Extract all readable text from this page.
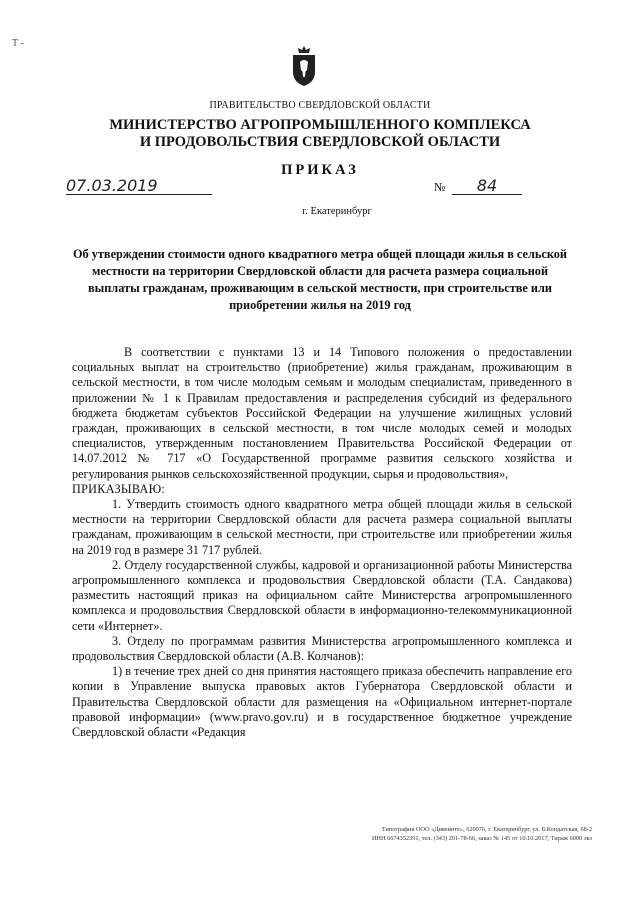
T ‐
ПРАВИТЕЛЬСТВО СВЕРДЛОВСКОЙ ОБЛАСТИ
МИНИСТЕРСТВО АГРОПРОМЫШЛЕННОГО КОМПЛЕКСА
И ПРОДОВОЛЬСТВИЯ СВЕРДЛОВСКОЙ ОБЛАСТИ
ПРИКАЗ
07.03.2019	№	84
г. Екатеринбург
Об утверждении стоимости одного квадратного метра общей площади жилья в сельской местности на территории Свердловской области для расчета размера социальной выплаты гражданам, проживающим в сельской местности, при строительстве или приобретении жилья на 2019 год

В соответствии с пунктами 13 и 14 Типового положения о предоставлении социальных выплат на строительство (приобретение) жилья гражданам, проживающим в сельской местности, в том числе молодым семьям и молодым специалистам, приведенного в приложении № 1 к Правилам предоставления и распределения субсидий из федерального бюджета бюджетам субъектов Российской Федерации на улучшение жилищных условий граждан, проживающих в сельской местности, в том числе молодых семей и молодых специалистов, утвержденным постановлением Правительства Российской Федерации от 14.07.2012 № 717 «О Государственной программе развития сельского хозяйства и регулирования рынков сельскохозяйственной продукции, сырья и продовольствия»,

ПРИКАЗЫВАЮ:

1. Утвердить стоимость одного квадратного метра общей площади жилья в сельской местности на территории Свердловской области для расчета размера социальной выплаты гражданам, проживающим в сельской местности, при строительстве или приобретении жилья на 2019 год в размере 31 717 рублей.

2. Отделу государственной службы, кадровой и организационной работы Министерства агропромышленного комплекса и продовольствия Свердловской области (Т.А. Сандакова) разместить настоящий приказ на официальном сайте Министерства агропромышленного комплекса и продовольствия Свердловской области в информационно-телекоммуникационной сети «Интернет».

3. Отделу по программам развития Министерства агропромышленного комплекса и продовольствия Свердловской области (А.В. Колчанов):

1) в течение трех дней со дня принятия настоящего приказа обеспечить направление его копии в Управление выпуска правовых актов Губернатора Свердловской области и Правительства Свердловской области для размещения на «Официальном интернет-портале правовой информации» (www.pravo.gov.ru) и в государственное бюджетное учреждение Свердловской области «Редакция

Типография ООО «Дивеинте», 620076, г. Екатеринбург, ул. Б.Кондатская, 68-2
ИНН 6674352391, тел. (343) 201-78-66, заказ № 145 от 10.10.2017, Тираж 6000 экз
